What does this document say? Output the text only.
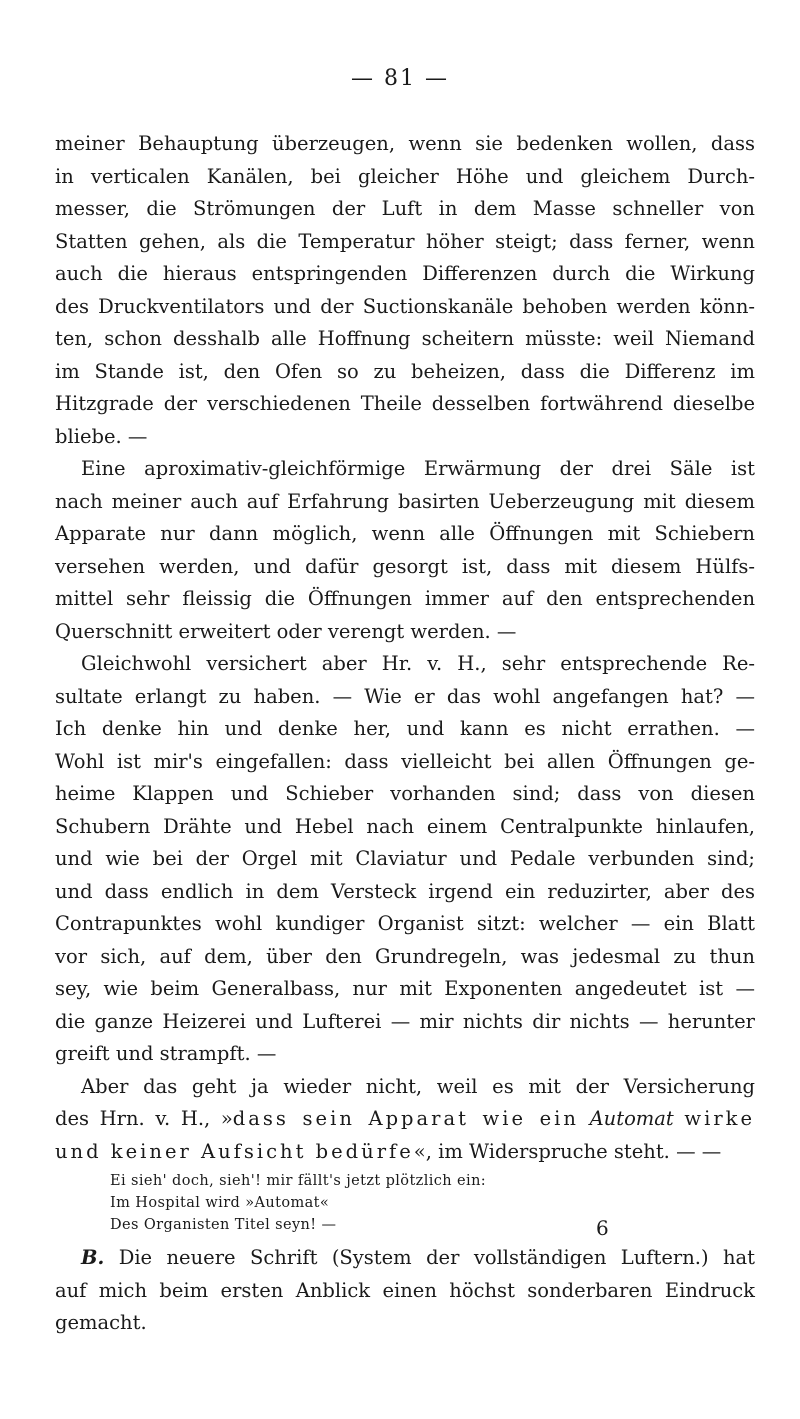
— 81 —
meiner Behauptung überzeugen, wenn sie bedenken wollen, dass
in verticalen Kanälen, bei gleicher Höhe und gleichem Durch-
messer, die Strömungen der Luft in dem Masse schneller von
Statten gehen, als die Temperatur höher steigt; dass ferner, wenn
auch die hieraus entspringenden Differenzen durch die Wirkung
des Druckventilators und der Suctionskanäle behoben werden könn-
ten, schon desshalb alle Hoffnung scheitern müsste: weil Niemand
im Stande ist, den Ofen so zu beheizen, dass die Differenz im
Hitzgrade der verschiedenen Theile desselben fortwährend dieselbe
bliebe. —
Eine aproximativ-gleichförmige Erwärmung der drei Säle ist
nach meiner auch auf Erfahrung basirten Ueberzeugung mit diesem
Apparate nur dann möglich, wenn alle Öffnungen mit Schiebern
versehen werden, und dafür gesorgt ist, dass mit diesem Hülfs-
mittel sehr fleissig die Öffnungen immer auf den entsprechenden
Querschnitt erweitert oder verengt werden. —
Gleichwohl versichert aber Hr. v. H., sehr entsprechende Re-
sultate erlangt zu haben. — Wie er das wohl angefangen hat? —
Ich denke hin und denke her, und kann es nicht errathen. —
Wohl ist mir's eingefallen: dass vielleicht bei allen Öffnungen ge-
heime Klappen und Schieber vorhanden sind; dass von diesen
Schubern Drähte und Hebel nach einem Centralpunkte hinlaufen,
und wie bei der Orgel mit Claviatur und Pedale verbunden sind;
und dass endlich in dem Versteck irgend ein reduzirter, aber des
Contrapunktes wohl kundiger Organist sitzt: welcher — ein Blatt
vor sich, auf dem, über den Grundregeln, was jedesmal zu thun
sey, wie beim Generalbass, nur mit Exponenten angedeutet ist —
die ganze Heizerei und Lufterei — mir nichts dir nichts — herunter
greift und strampft. —
Aber das geht ja wieder nicht, weil es mit der Versicherung
des Hrn. v. H., »dass sein Apparat wie ein Automat wirke
und keiner Aufsicht bedürfe«, im Widerspruche steht. — —
Ei sieh' doch, sieh'! mir fällt's jetzt plötzlich ein:
Im Hospital wird »Automat«
Des Organisten Titel seyn! —
B. Die neuere Schrift (System der vollständigen Luftern.) hat
auf mich beim ersten Anblick einen höchst sonderbaren Eindruck
gemacht.
6
